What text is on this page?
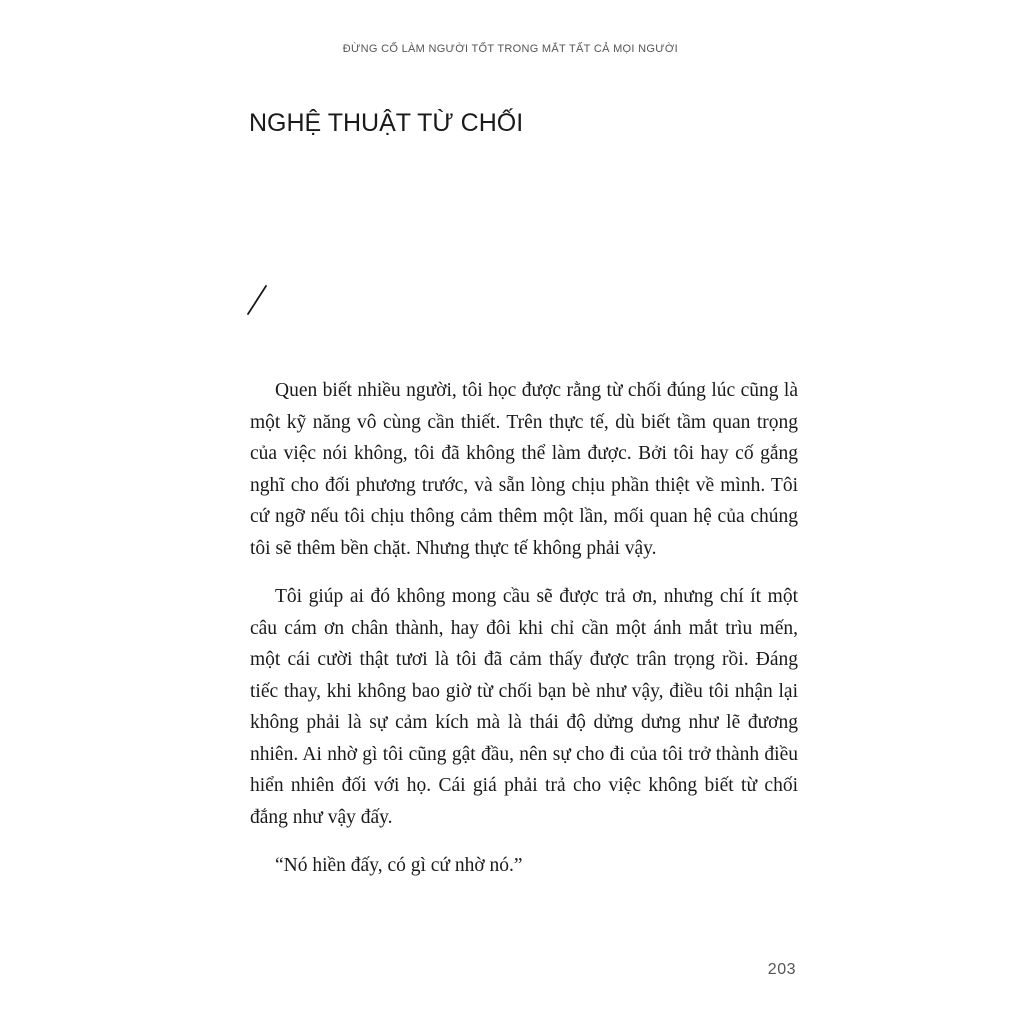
ĐỪNG CỐ LÀM NGƯỜI TỐT TRONG MẮT TẤT CẢ MỌI NGƯỜI
NGHỆ THUẬT TỪ CHỐI

Quen biết nhiều người, tôi học được rằng từ chối đúng lúc cũng là một kỹ năng vô cùng cần thiết. Trên thực tế, dù biết tầm quan trọng của việc nói không, tôi đã không thể làm được. Bởi tôi hay cố gắng nghĩ cho đối phương trước, và sẵn lòng chịu phần thiệt về mình. Tôi cứ ngỡ nếu tôi chịu thông cảm thêm một lần, mối quan hệ của chúng tôi sẽ thêm bền chặt. Nhưng thực tế không phải vậy.

Tôi giúp ai đó không mong cầu sẽ được trả ơn, nhưng chí ít một câu cám ơn chân thành, hay đôi khi chỉ cần một ánh mắt trìu mến, một cái cười thật tươi là tôi đã cảm thấy được trân trọng rồi. Đáng tiếc thay, khi không bao giờ từ chối bạn bè như vậy, điều tôi nhận lại không phải là sự cảm kích mà là thái độ dửng dưng như lẽ đương nhiên. Ai nhờ gì tôi cũng gật đầu, nên sự cho đi của tôi trở thành điều hiển nhiên đối với họ. Cái giá phải trả cho việc không biết từ chối đắng như vậy đấy.

“Nó hiền đấy, có gì cứ nhờ nó.”

203
